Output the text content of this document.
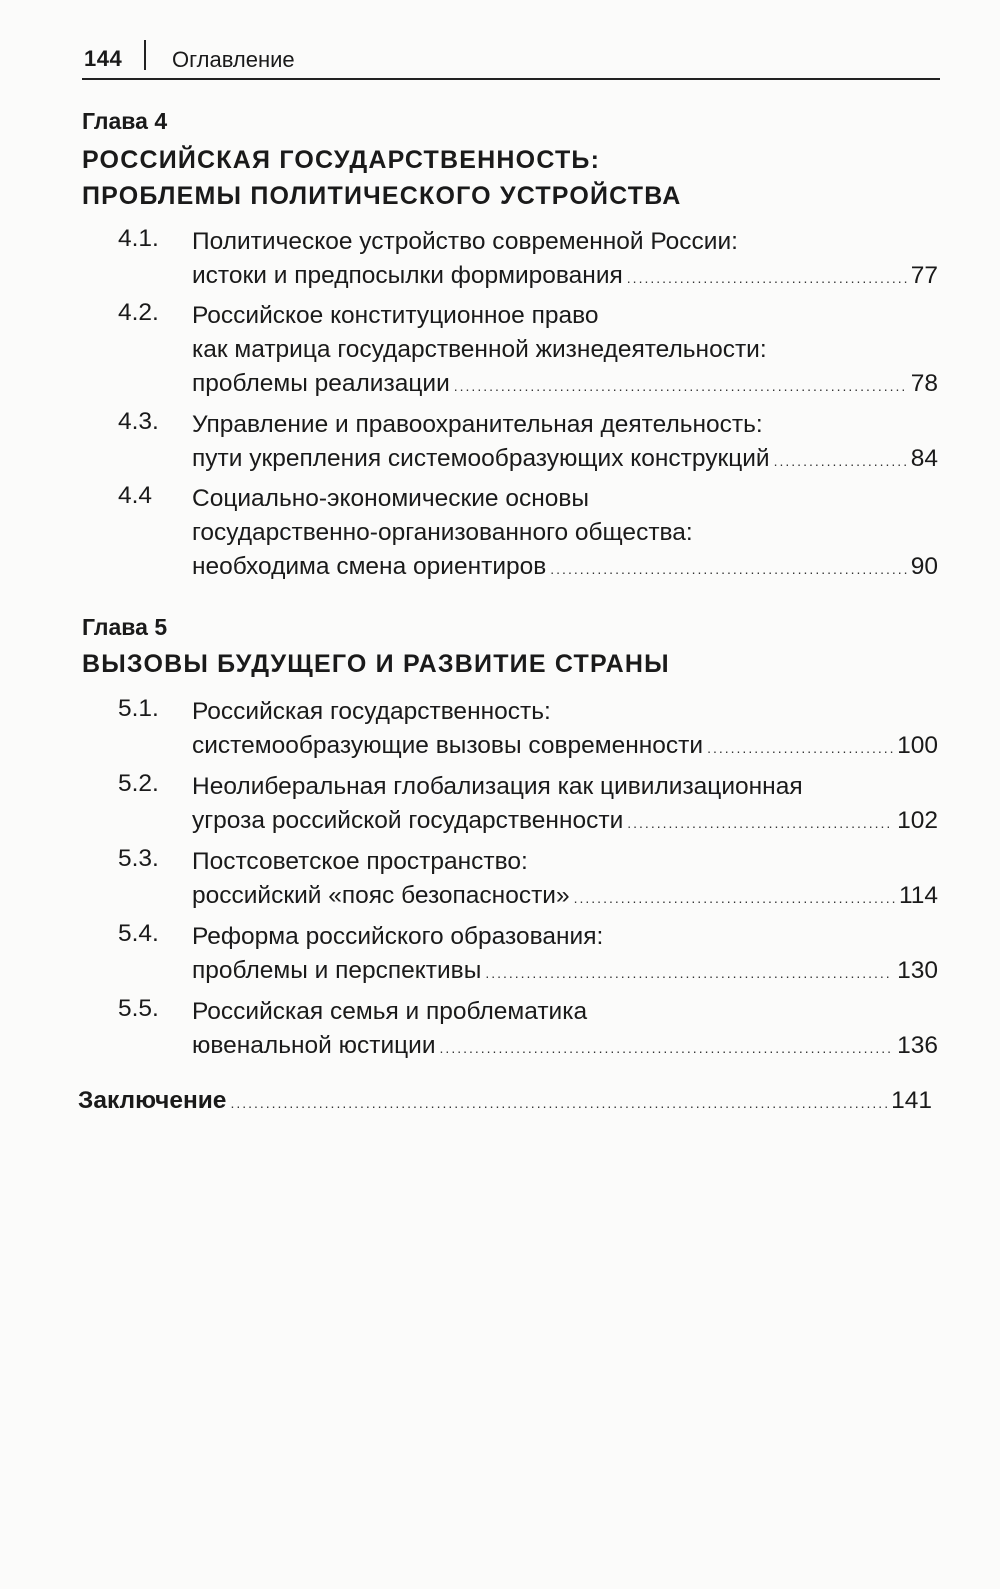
144 Оглавление
Глава 4
РОССИЙСКАЯ ГОСУДАРСТВЕННОСТЬ:
ПРОБЛЕМЫ ПОЛИТИЧЕСКОГО УСТРОЙСТВА
4.1. Политическое устройство современной России:
истоки и предпосылки формирования .....	77
4.2. Российское конституционное право
как матрица государственной жизнедеятельности:
проблемы реализации .....	78
4.3. Управление и правоохранительная деятельность:
пути укрепления системообразующих конструкций .....	84
4.4 Социально-экономические основы
государственно-организованного общества:
необходима смена ориентиров .....	90
Глава 5
ВЫЗОВЫ БУДУЩЕГО И РАЗВИТИЕ СТРАНЫ
5.1. Российская государственность:
системообразующие вызовы современности .....	100
5.2. Неолиберальная глобализация как цивилизационная
угроза российской государственности .....	102
5.3. Постсоветское пространство:
российский «пояс безопасности» .....	114
5.4. Реформа российского образования:
проблемы и перспективы .....	130
5.5. Российская семья и проблематика
ювенальной юстиции .....	136
Заключение .....	141
